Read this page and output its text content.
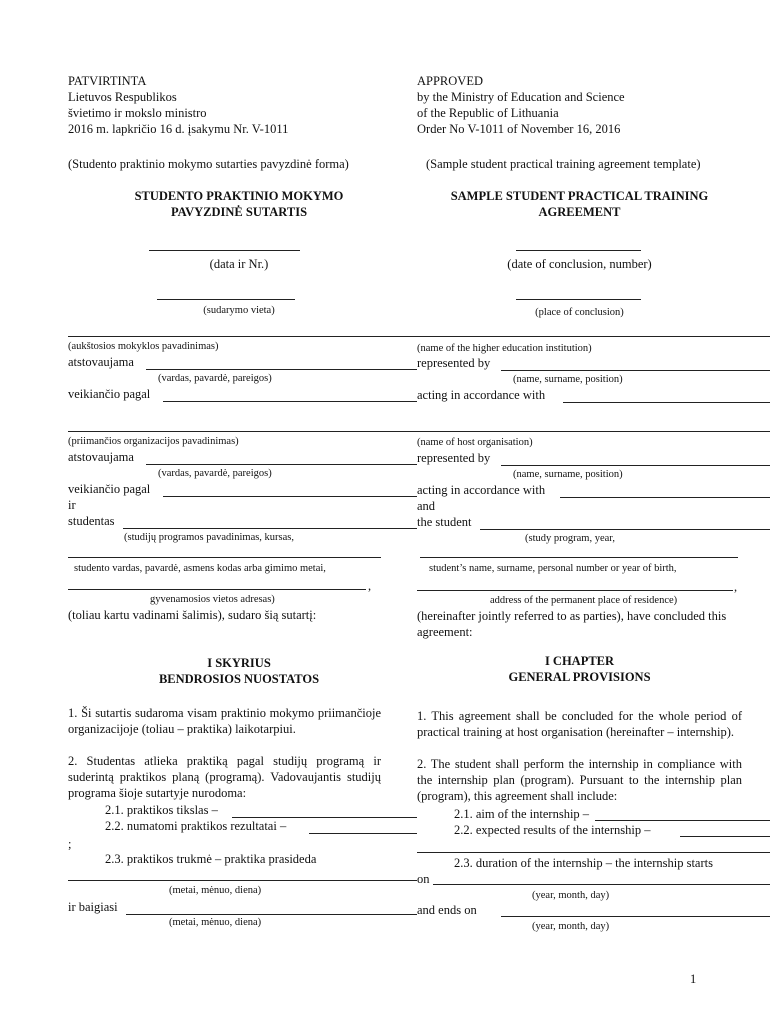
PATVIRTINTA
Lietuvos Respublikos
švietimo ir mokslo ministro
2016 m. lapkričio 16 d. įsakymu Nr. V-1011
(Studento praktinio mokymo sutarties pavyzdinė forma)
STUDENTO PRAKTINIO MOKYMO
PAVYZDINĖ SUTARTIS
(data ir Nr.)
(sudarymo vieta)
(aukštosios mokyklos pavadinimas)
atstovaujama
(vardas, pavardė, pareigos)
veikiančio pagal
(priimančios organizacijos pavadinimas)
atstovaujama
(vardas, pavardė, pareigos)
veikiančio pagal
ir
studentas
(studijų programos pavadinimas, kursas,
studento vardas, pavardė, asmens kodas arba gimimo metai,
,
gyvenamosios vietos adresas)
(toliau kartu vadinami šalimis), sudaro šią sutartį:
I SKYRIUS
BENDROSIOS NUOSTATOS
1. Ši sutartis sudaroma visam praktinio mokymo priimančioje organizacijoje (toliau – praktika) laikotarpiui.
2. Studentas atlieka praktiką pagal studijų programą ir suderintą praktikos planą (programą). Vadovaujantis studijų programa šioje sutartyje nurodoma:
2.1. praktikos tikslas –
2.2. numatomi praktikos rezultatai –
;
2.3. praktikos trukmė – praktika prasideda
(metai, mėnuo, diena)
ir baigiasi
(metai, mėnuo, diena)
APPROVED
by the Ministry of Education and Science
of the Republic of Lithuania
Order No V-1011 of November 16, 2016
(Sample student practical training agreement template)
SAMPLE STUDENT PRACTICAL TRAINING
AGREEMENT
(date of conclusion, number)
(place of conclusion)
(name of the higher education institution)
represented by
(name, surname, position)
acting in accordance with
(name of host organisation)
represented by
(name, surname, position)
acting in accordance with
and
the student
(study program, year,
student’s name, surname, personal number or year of birth,
,
address of the permanent place of residence)
(hereinafter jointly referred to as parties), have concluded this agreement:
I CHAPTER
GENERAL PROVISIONS
1. This agreement shall be concluded for the whole period of practical training at host organisation (hereinafter – internship).
2. The student shall perform the internship in compliance with the internship plan (program). Pursuant to the internship plan (program), this agreement shall include:
2.1. aim of the internship –
2.2. expected results of the internship –
2.3. duration of the internship – the internship starts
on
(year, month, day)
and ends on
(year, month, day)
1
